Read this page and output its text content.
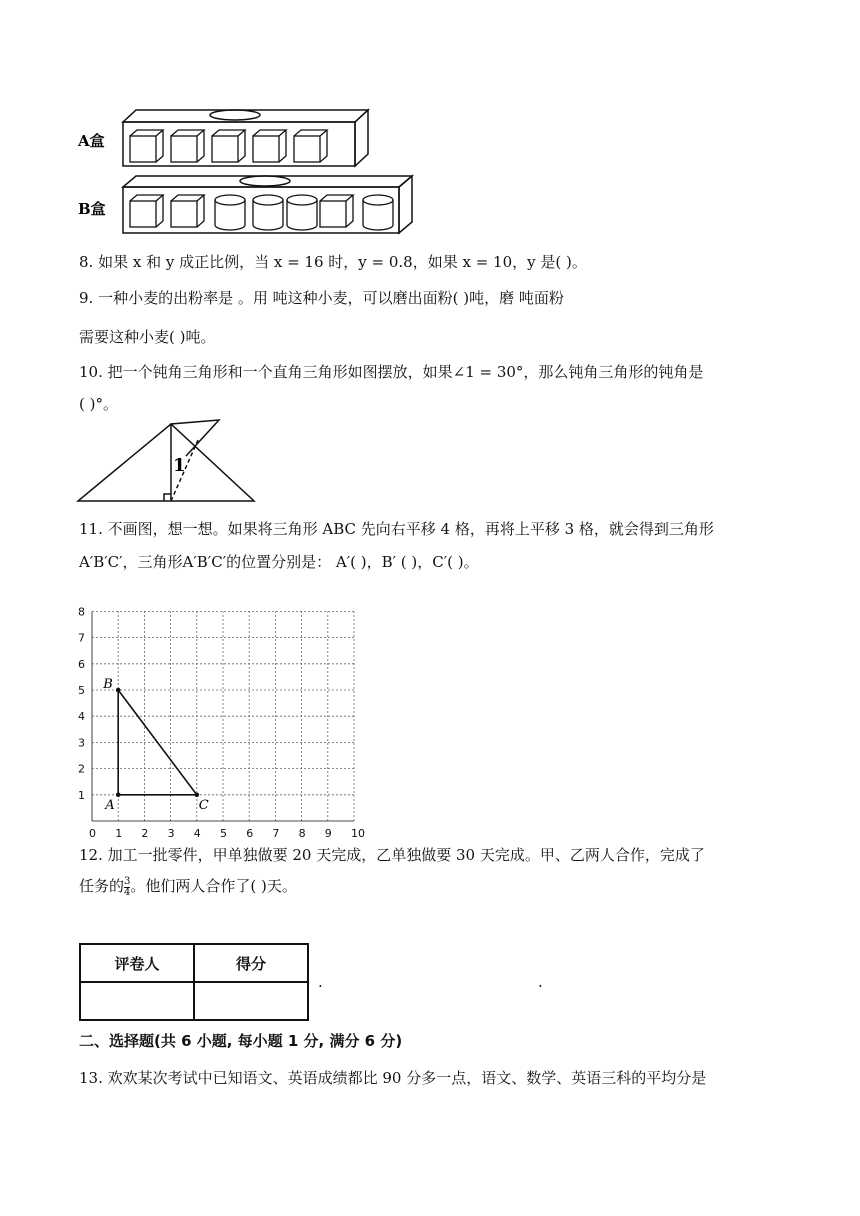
A盒
B盒
8. 如果 x 和 y 成正比例，当 x = 16 时，y = 0.8，如果 x = 10，y 是( )。
9. 一种小麦的出粉率是 。用 吨这种小麦，可以磨出面粉( )吨，磨 吨面粉
需要这种小麦( )吨。
10. 把一个钝角三角形和一个直角三角形如图摆放，如果∠1 = 30°，那么钝角三角形的钝角是
( )°。
1
11. 不画图，想一想。如果将三角形 ABC 先向右平移 4 格，再将上平移 3 格，就会得到三角形
A′B′C′，三角形A′B′C′的位置分别是： A′( )，B′ ( )，C′( )。
0 1 2 3 4 5 6 7 8 9 10
1
2
3
4
5
6
7
8
A
B
C
12. 加工一批零件，甲单独做要 20 天完成，乙单独做要 30 天完成。甲、乙两人合作，完成了
任务的 $\frac{3}{4}$ 。他们两人合作了( )天。
评卷人	得分

.	.
二、选择题(共 6 小题, 每小题 1 分, 满分 6 分)
13. 欢欢某次考试中已知语文、英语成绩都比 90 分多一点，语文、数学、英语三科的平均分是
